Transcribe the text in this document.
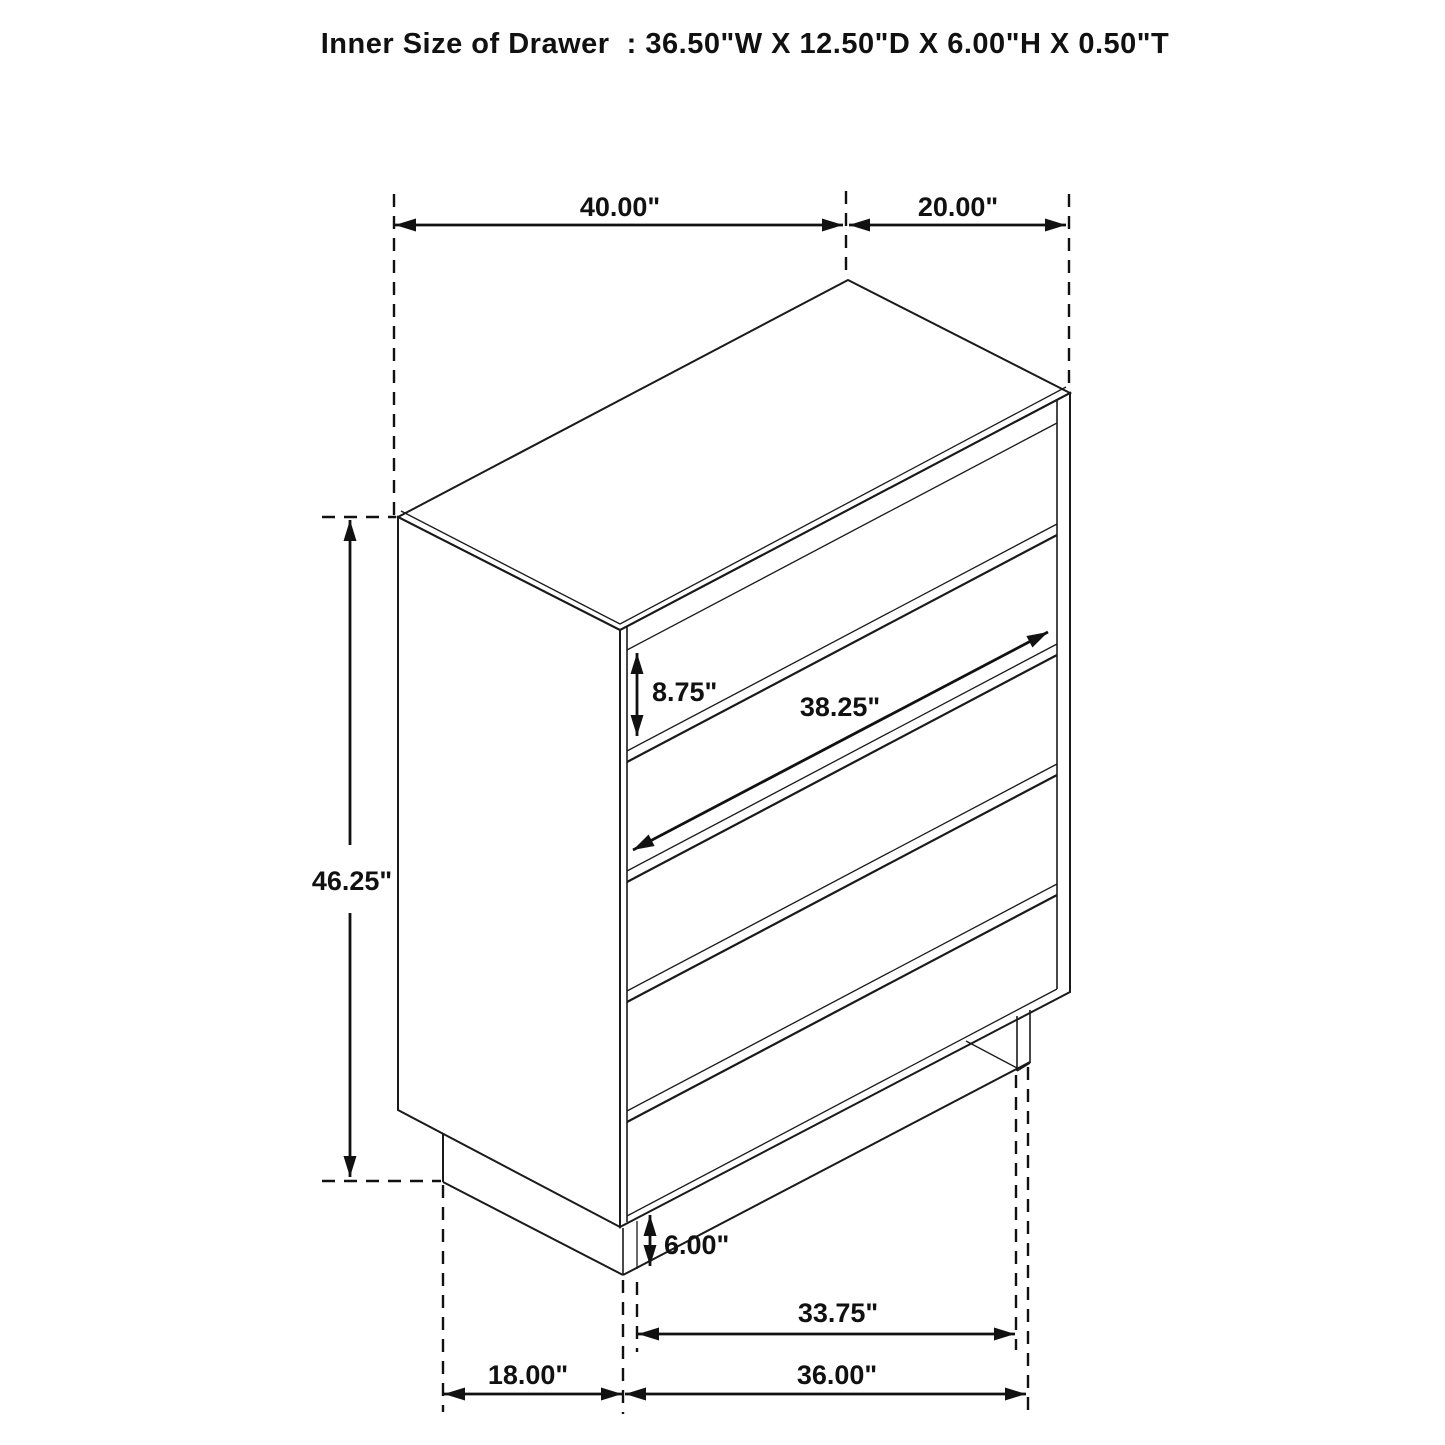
Inner Size of Drawer  : 36.50"W X 12.50"D X 6.00"H X 0.50"T
40.00"	20.00"
46.25"
8.75"	38.25"
6.00"
33.75"
36.00"
18.00"
